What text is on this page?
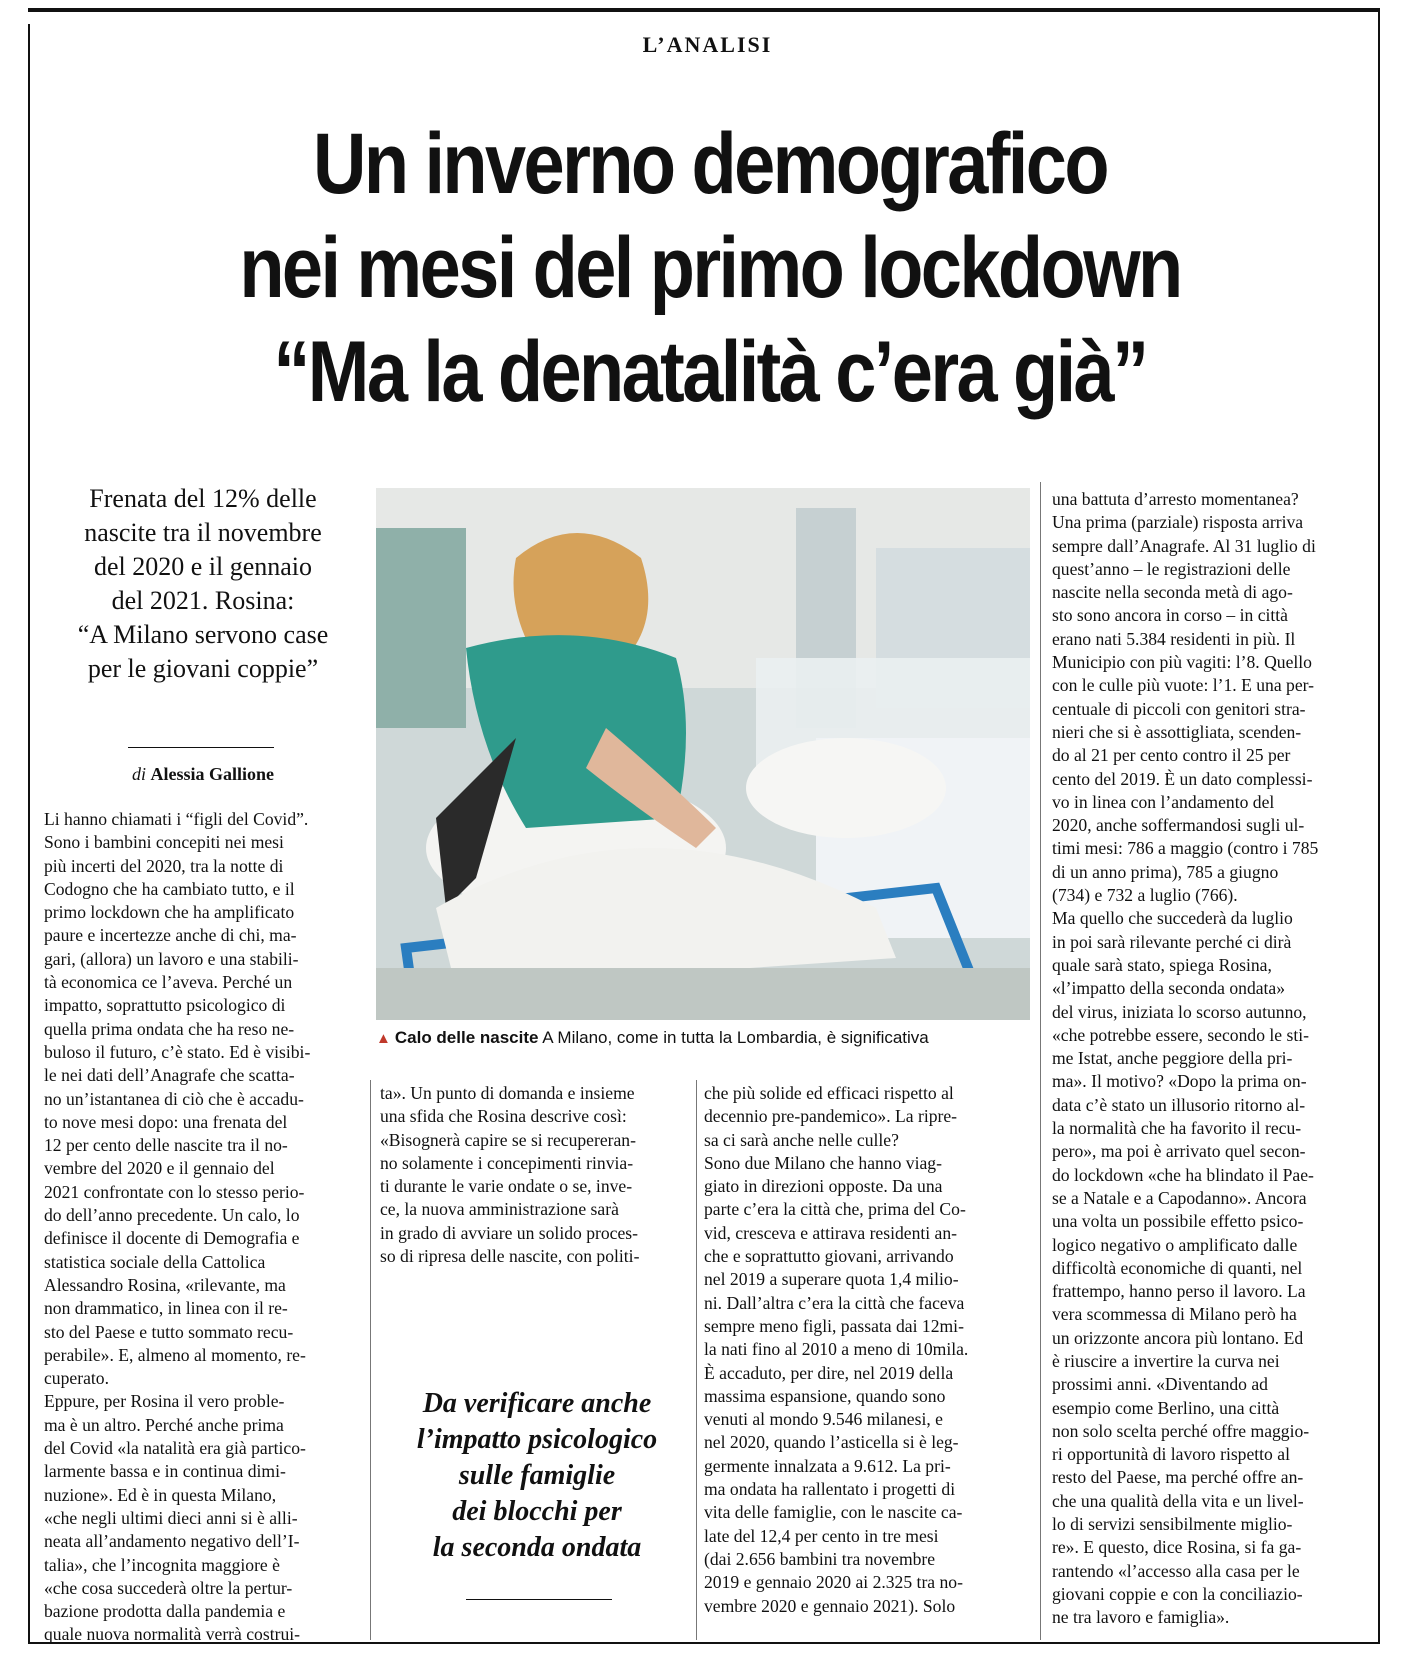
L’ANALISI
Un inverno demografico
nei mesi del primo lockdown
“Ma la denatalità c’era già”
Frenata del 12% delle
nascite tra il novembre
del 2020 e il gennaio
del 2021. Rosina:
“A Milano servono case
per le giovani coppie”
di Alessia Gallione
▲ Calo delle nascite A Milano, come in tutta la Lombardia, è significativa
Li hanno chiamati i “figli del Covid”.
Sono i bambini concepiti nei mesi
più incerti del 2020, tra la notte di
Codogno che ha cambiato tutto, e il
primo lockdown che ha amplificato
paure e incertezze anche di chi, ma-
gari, (allora) un lavoro e una stabili-
tà economica ce l’aveva. Perché un
impatto, soprattutto psicologico di
quella prima ondata che ha reso ne-
buloso il futuro, c’è stato. Ed è visibi-
le nei dati dell’Anagrafe che scatta-
no un’istantanea di ciò che è accadu-
to nove mesi dopo: una frenata del
12 per cento delle nascite tra il no-
vembre del 2020 e il gennaio del
2021 confrontate con lo stesso perio-
do dell’anno precedente. Un calo, lo
definisce il docente di Demografia e
statistica sociale della Cattolica
Alessandro Rosina, «rilevante, ma
non drammatico, in linea con il re-
sto del Paese e tutto sommato recu-
perabile». E, almeno al momento, re-
cuperato.
Eppure, per Rosina il vero proble-
ma è un altro. Perché anche prima
del Covid «la natalità era già partico-
larmente bassa e in continua dimi-
nuzione». Ed è in questa Milano,
«che negli ultimi dieci anni si è alli-
neata all’andamento negativo dell’I-
talia», che l’incognita maggiore è
«che cosa succederà oltre la pertur-
bazione prodotta dalla pandemia e
quale nuova normalità verrà costrui-
ta». Un punto di domanda e insieme
una sfida che Rosina descrive così:
«Bisognerà capire se si recupereran-
no solamente i concepimenti rinvia-
ti durante le varie ondate o se, inve-
ce, la nuova amministrazione sarà
in grado di avviare un solido proces-
so di ripresa delle nascite, con politi-
che più solide ed efficaci rispetto al
decennio pre-pandemico». La ripre-
sa ci sarà anche nelle culle?
Sono due Milano che hanno viag-
giato in direzioni opposte. Da una
parte c’era la città che, prima del Co-
vid, cresceva e attirava residenti an-
che e soprattutto giovani, arrivando
nel 2019 a superare quota 1,4 milio-
ni. Dall’altra c’era la città che faceva
sempre meno figli, passata dai 12mi-
la nati fino al 2010 a meno di 10mila.
È accaduto, per dire, nel 2019 della
massima espansione, quando sono
venuti al mondo 9.546 milanesi, e
nel 2020, quando l’asticella si è leg-
germente innalzata a 9.612. La pri-
ma ondata ha rallentato i progetti di
vita delle famiglie, con le nascite ca-
late del 12,4 per cento in tre mesi
(dai 2.656 bambini tra novembre
2019 e gennaio 2020 ai 2.325 tra no-
vembre 2020 e gennaio 2021). Solo
una battuta d’arresto momentanea?
Una prima (parziale) risposta arriva
sempre dall’Anagrafe. Al 31 luglio di
quest’anno – le registrazioni delle
nascite nella seconda metà di ago-
sto sono ancora in corso – in città
erano nati 5.384 residenti in più. Il
Municipio con più vagiti: l’8. Quello
con le culle più vuote: l’1. E una per-
centuale di piccoli con genitori stra-
nieri che si è assottigliata, scenden-
do al 21 per cento contro il 25 per
cento del 2019. È un dato complessi-
vo in linea con l’andamento del
2020, anche soffermandosi sugli ul-
timi mesi: 786 a maggio (contro i 785
di un anno prima), 785 a giugno
(734) e 732 a luglio (766).
Ma quello che succederà da luglio
in poi sarà rilevante perché ci dirà
quale sarà stato, spiega Rosina,
«l’impatto della seconda ondata»
del virus, iniziata lo scorso autunno,
«che potrebbe essere, secondo le sti-
me Istat, anche peggiore della pri-
ma». Il motivo? «Dopo la prima on-
data c’è stato un illusorio ritorno al-
la normalità che ha favorito il recu-
pero», ma poi è arrivato quel secon-
do lockdown «che ha blindato il Pae-
se a Natale e a Capodanno». Ancora
una volta un possibile effetto psico-
logico negativo o amplificato dalle
difficoltà economiche di quanti, nel
frattempo, hanno perso il lavoro. La
vera scommessa di Milano però ha
un orizzonte ancora più lontano. Ed
è riuscire a invertire la curva nei
prossimi anni. «Diventando ad
esempio come Berlino, una città
non solo scelta perché offre maggio-
ri opportunità di lavoro rispetto al
resto del Paese, ma perché offre an-
che una qualità della vita e un livel-
lo di servizi sensibilmente miglio-
re». E questo, dice Rosina, si fa ga-
rantendo «l’accesso alla casa per le
giovani coppie e con la conciliazio-
ne tra lavoro e famiglia».
Da verificare anche
l’impatto psicologico
sulle famiglie
dei blocchi per
la seconda ondata
